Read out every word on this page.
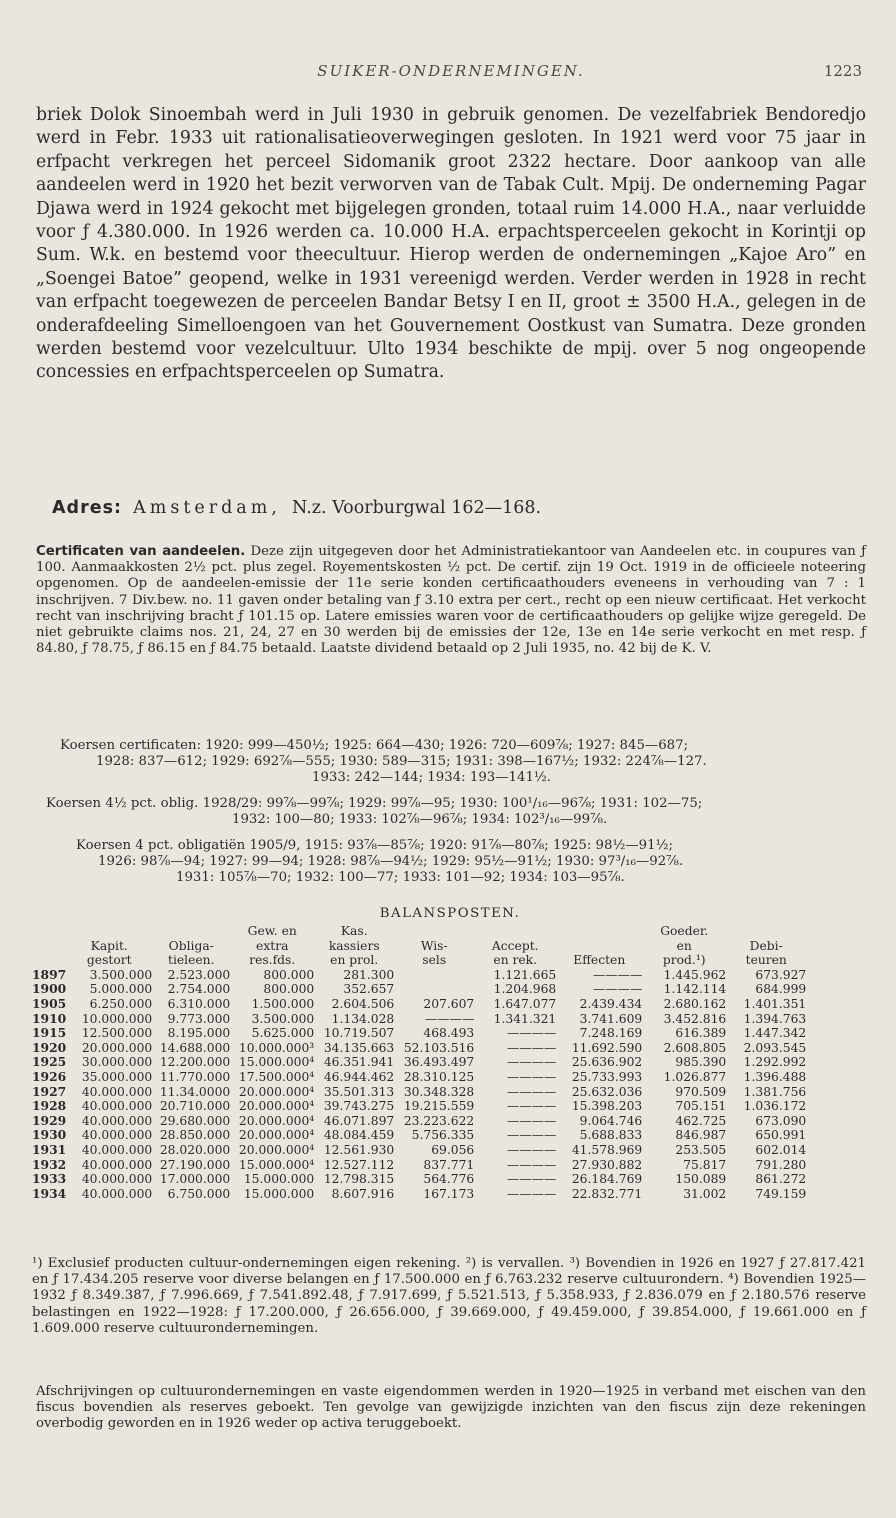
SUIKER-ONDERNEMINGEN.	1223

briek Dolok Sinoembah werd in Juli 1930 in gebruik genomen. De vezelfabriek Bendoredjo werd in Febr. 1933 uit rationalisatieoverwegingen gesloten. In 1921 werd voor 75 jaar in erfpacht verkregen het perceel Sidomanik groot 2322 hectare. Door aankoop van alle aandeelen werd in 1920 het bezit verworven van de Tabak Cult. Mpij. De onderneming Pagar Djawa werd in 1924 gekocht met bijgelegen gronden, totaal ruim 14.000 H.A., naar verluidde voor ƒ 4.380.000. In 1926 werden ca. 10.000 H.A. erpachtsperceelen gekocht in Korintji op Sum. W.k. en bestemd voor theecultuur. Hierop werden de ondernemingen „Kajoe Aro” en „Soengei Batoe” geopend, welke in 1931 vereenigd werden. Verder werden in 1928 in recht van erfpacht toegewezen de perceelen Bandar Betsy I en II, groot ± 3500 H.A., gelegen in de onderafdeeling Simelloengoen van het Gouvernement Oostkust van Sumatra. Deze gronden werden bestemd voor vezelcultuur. Ulto 1934 beschikte de mpij. over 5 nog ongeopende concessies en erfpachtsperceelen op Sumatra.

Adres: Amsterdam, N.z. Voorburgwal 162—168.
Certificaten van aandeelen. Deze zijn uitgegeven door het Administratiekantoor van Aandeelen etc. in coupures van ƒ 100. Aanmaakkosten 2½ pct. plus zegel. Royementskosten ½ pct. De certif. zijn 19 Oct. 1919 in de officieele noteering opgenomen. Op de aandeelen-emissie der 11e serie konden certificaathouders eveneens in verhouding van 7 : 1 inschrijven. 7 Div.bew. no. 11 gaven onder betaling van ƒ 3.10 extra per cert., recht op een nieuw certificaat. Het verkocht recht van inschrijving bracht ƒ 101.15 op. Latere emissies waren voor de certificaathouders op gelijke wijze geregeld. De niet gebruikte claims nos. 21, 24, 27 en 30 werden bij de emissies der 12e, 13e en 14e serie verkocht en met resp. ƒ 84.80, ƒ 78.75, ƒ 86.15 en ƒ 84.75 betaald. Laatste dividend betaald op 2 Juli 1935, no. 42 bij de K. V.
Koersen certificaten: 1920: 999—450½; 1925: 664—430; 1926: 720—609⅞; 1927: 845—687;
1928: 837—612; 1929: 692⅞—555; 1930: 589—315; 1931: 398—167½; 1932: 224⅞—127.
1933: 242—144; 1934: 193—141½.
Koersen 4½ pct. oblig. 1928/29: 99⅞—99⅞; 1929: 99⅞—95; 1930: 100¹/₁₆—96⅞; 1931: 102—75;
1932: 100—80; 1933: 102⅞—96⅞; 1934: 102³/₁₆—99⅞.
Koersen 4 pct. obligatiën 1905/9, 1915: 93⅞—85⅞; 1920: 91⅞—80⅞; 1925: 98½—91½;
1926: 98⅞—94; 1927: 99—94; 1928: 98⅞—94½; 1929: 95½—91½; 1930: 97³/₁₆—92⅞.
1931: 105⅞—70; 1932: 100—77; 1933: 101—92; 1934: 103—95⅞.
BALANSPOSTEN.
			Gew. en	Kas.				Goeder.	
	Kapit.	Obliga-	extra	kassiers	Wis-	Accept.		en	Debi-
	gestort	tieleen.	res.fds.	en prol.	sels	en rek.	Effecten	prod.¹)	teuren
1897	3.500.000	2.523.000	800.000	281.300		1.121.665	————	1.445.962	673.927
1900	5.000.000	2.754.000	800.000	352.657		1.204.968	————	1.142.114	684.999
1905	6.250.000	6.310.000	1.500.000	2.604.506	207.607	1.647.077	2.439.434	2.680.162	1.401.351
1910	10.000.000	9.773.000	3.500.000	1.134.028	————	1.341.321	3.741.609	3.452.816	1.394.763
1915	12.500.000	8.195.000	5.625.000	10.719.507	468.493	————	7.248.169	616.389	1.447.342
1920	20.000.000	14.688.000	10.000.000³	34.135.663	52.103.516	————	11.692.590	2.608.805	2.093.545
1925	30.000.000	12.200.000	15.000.000⁴	46.351.941	36.493.497	————	25.636.902	985.390	1.292.992
1926	35.000.000	11.770.000	17.500.000⁴	46.944.462	28.310.125	————	25.733.993	1.026.877	1.396.488
1927	40.000.000	11.34.0000	20.000.000⁴	35.501.313	30.348.328	————	25.632.036	970.509	1.381.756
1928	40.000.000	20.710.000	20.000.000⁴	39.743.275	19.215.559	————	15.398.203	705.151	1.036.172
1929	40.000.000	29.680.000	20.000.000⁴	46.071.897	23.223.622	————	9.064.746	462.725	673.090
1930	40.000.000	28.850.000	20.000.000⁴	48.084.459	5.756.335	————	5.688.833	846.987	650.991
1931	40.000.000	28.020.000	20.000.000⁴	12.561.930	69.056	————	41.578.969	253.505	602.014
1932	40.000.000	27.190.000	15.000.000⁴	12.527.112	837.771	————	27.930.882	75.817	791.280
1933	40.000.000	17.000.000	15.000.000	12.798.315	564.776	————	26.184.769	150.089	861.272
1934	40.000.000	6.750.000	15.000.000	8.607.916	167.173	————	22.832.771	31.002	749.159
¹) Exclusief producten cultuur-ondernemingen eigen rekening. ²) is vervallen. ³) Bovendien in 1926 en 1927 ƒ 27.817.421 en ƒ 17.434.205 reserve voor diverse belangen en ƒ 17.500.000 en ƒ 6.763.232 reserve cultuurondern. ⁴) Bovendien 1925—1932 ƒ 8.349.387, ƒ 7.996.669, ƒ 7.541.892.48, ƒ 7.917.699, ƒ 5.521.513, ƒ 5.358.933, ƒ 2.836.079 en ƒ 2.180.576 reserve belastingen en 1922—1928: ƒ 17.200.000, ƒ 26.656.000, ƒ 39.669.000, ƒ 49.459.000, ƒ 39.854.000, ƒ 19.661.000 en ƒ 1.609.000 reserve cultuurondernemingen.
Afschrijvingen op cultuurondernemingen en vaste eigendommen werden in 1920—1925 in verband met eischen van den fiscus bovendien als reserves geboekt. Ten gevolge van gewijzigde inzichten van den fiscus zijn deze rekeningen overbodig geworden en in 1926 weder op activa teruggeboekt.
